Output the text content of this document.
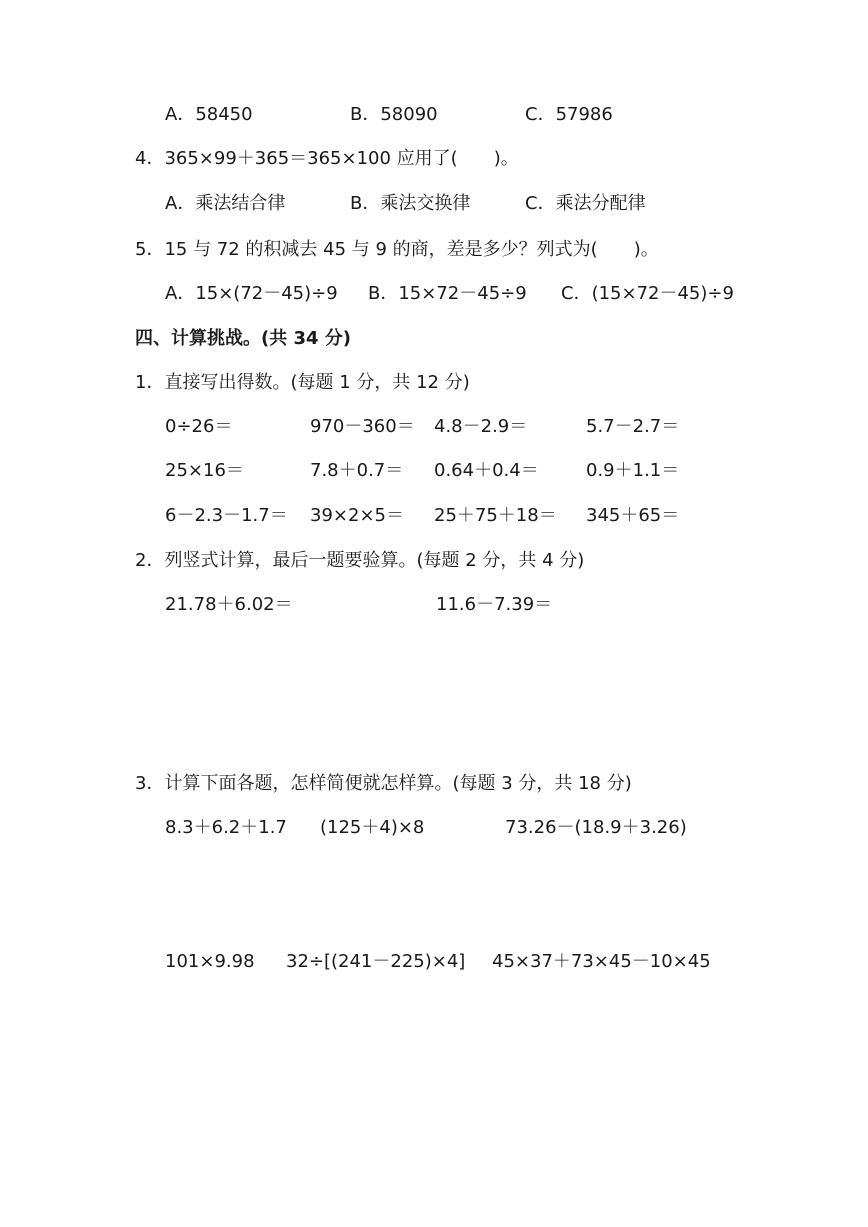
A．58450	B．58090	C．57986
4．365×99＋365＝365×100 应用了(　　)。
A．乘法结合律	B．乘法交换律	C．乘法分配律
5．15 与 72 的积减去 45 与 9 的商，差是多少？列式为(　　)。
A．15×(72－45)÷9 B．15×72－45÷9 C．(15×72－45)÷9
四、计算挑战。(共 34 分)
1．直接写出得数。(每题 1 分，共 12 分)
0÷26＝	970－360＝ 4.8－2.9＝	5.7－2.7＝
25×16＝	7.8＋0.7＝ 0.64＋0.4＝	0.9＋1.1＝
6－2.3－1.7＝ 39×2×5＝ 25＋75＋18＝ 345＋65＝
2．列竖式计算，最后一题要验算。(每题 2 分，共 4 分)
21.78＋6.02＝	11.6－7.39＝
3．计算下面各题，怎样简便就怎样算。(每题 3 分，共 18 分)
8.3＋6.2＋1.7 (125＋4)×8	73.26－(18.9＋3.26)
101×9.98 32÷[(241－225)×4] 45×37＋73×45－10×45
